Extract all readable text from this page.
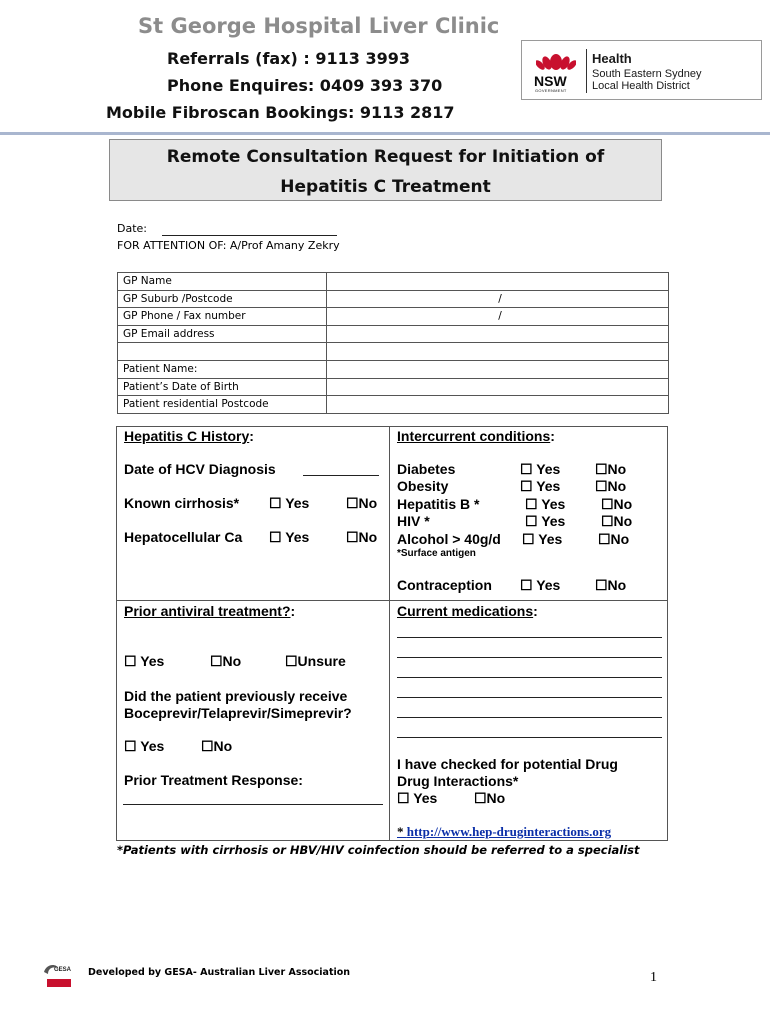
St George Hospital Liver Clinic
Referrals (fax) : 9113 3993
Phone Enquires: 0409 393 370
Mobile Fibroscan Bookings: 9113 2817
NSW
GOVERNMENT
Health
South Eastern Sydney
Local Health District
Remote Consultation Request for Initiation of
Hepatitis C Treatment
Date:
FOR ATTENTION OF: A/Prof Amany Zekry
GP Name	
GP Suburb /Postcode	/
GP Phone / Fax number	/
GP Email address	

Patient Name:	
Patient’s Date of Birth	
Patient residential Postcode	
Hepatitis C History:
Date of HCV Diagnosis
Known cirrhosis* ☐ Yes	☐No
Hepatocellular Ca ☐ Yes	☐No
Intercurrent conditions:
Diabetes	☐ Yes ☐No
Obesity	☐ Yes ☐No
Hepatitis B *	☐ Yes	☐No
HIV *	☐ Yes	☐No
Alcohol > 40g/d ☐ Yes	☐No
*Surface antigen
Contraception ☐ Yes ☐No
Prior antiviral treatment?:
☐ Yes	☐No	☐Unsure
Did the patient previously receive
Boceprevir/Telaprevir/Simeprevir?
☐ Yes	☐No
Prior Treatment Response:
Current medications:
I have checked for potential Drug
Drug Interactions*
☐ Yes	☐No
* http://www.hep-druginteractions.org
*Patients with cirrhosis or HBV/HIV coinfection should be referred to a specialist
GESA Developed by GESA- Australian Liver Association	1
